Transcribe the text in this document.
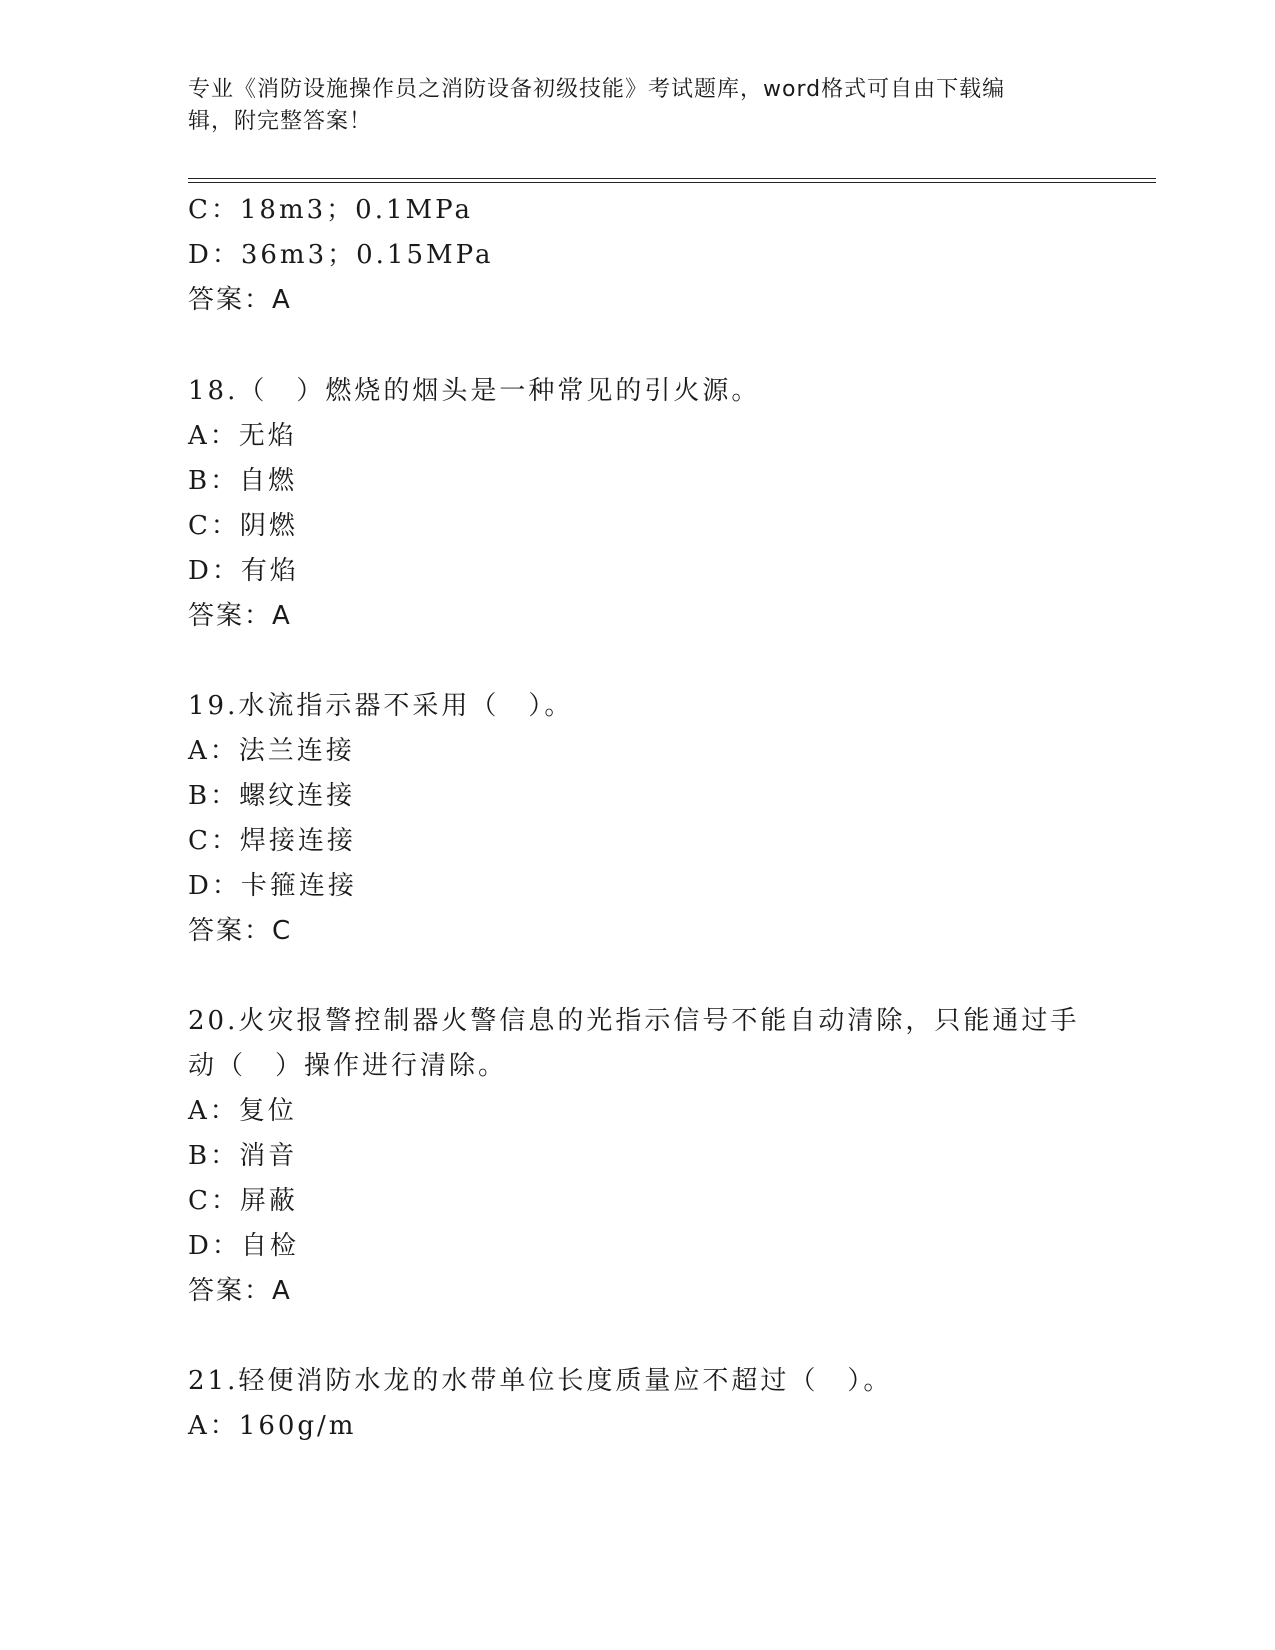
专业《消防设施操作员之消防设备初级技能》考试题库，word格式可自由下载编

辑，附完整答案！

C：18m3；0.1MPa
D：36m3；0.15MPa
答案：A
18.（　）燃烧的烟头是一种常见的引火源。
A：无焰
B：自燃
C：阴燃
D：有焰
答案：A
19.水流指示器不采用（　）。
A：法兰连接
B：螺纹连接
C：焊接连接
D：卡箍连接
答案：C
20.火灾报警控制器火警信息的光指示信号不能自动清除，只能通过手
动（　）操作进行清除。
A：复位
B：消音
C：屏蔽
D：自检
答案：A
21.轻便消防水龙的水带单位长度质量应不超过（　）。
A：160g/m
